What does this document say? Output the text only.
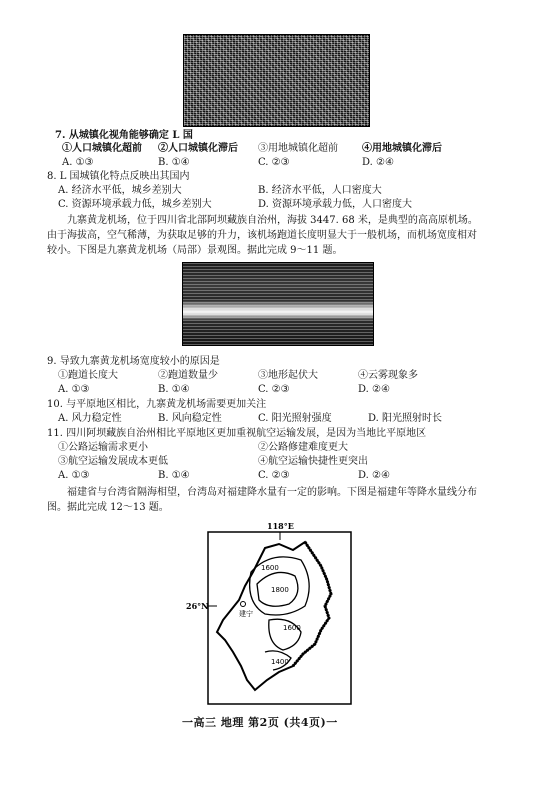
7. 从城镇化视角能够确定 L 国
①人口城镇化超前 ②人口城镇化滞后 ③用地城镇化超前 ④用地城镇化滞后
A. ①③	B. ①④	C. ②③	D. ②④
8. L 国城镇化特点反映出其国内
A. 经济水平低，城乡差别大	B. 经济水平低，人口密度大
C. 资源环境承载力低，城乡差别大	D. 资源环境承载力低，人口密度大
九寨黄龙机场，位于四川省北部阿坝藏族自治州，海拔 3447. 68 米，是典型的高高原机场。
由于海拔高，空气稀薄，为获取足够的升力，该机场跑道长度明显大于一般机场，而机场宽度相对
较小。下图是九寨黄龙机场（局部）景观图。据此完成 9～11 题。
9. 导致九寨黄龙机场宽度较小的原因是
①跑道长度大	②跑道数量少	③地形起伏大	④云雾现象多
A. ①③	B. ①④	C. ②③	D. ②④
10. 与平原地区相比，九寨黄龙机场需要更加关注
A. 风力稳定性	B. 风向稳定性	C. 阳光照射强度	D. 阳光照射时长
11. 四川阿坝藏族自治州相比平原地区更加重视航空运输发展，是因为当地比平原地区
①公路运输需求更小	②公路修建难度更大
③航空运输发展成本更低	④航空运输快捷性更突出
A. ①③	B. ①④	C. ②③	D. ②④
福建省与台湾省隔海相望，台湾岛对福建降水量有一定的影响。下图是福建年等降水量线分布
图。据此完成 12～13 题。
建宁
118°E
26°N
1600
1800
1600
1400
一高三 地理 第2页 (共4页)一
